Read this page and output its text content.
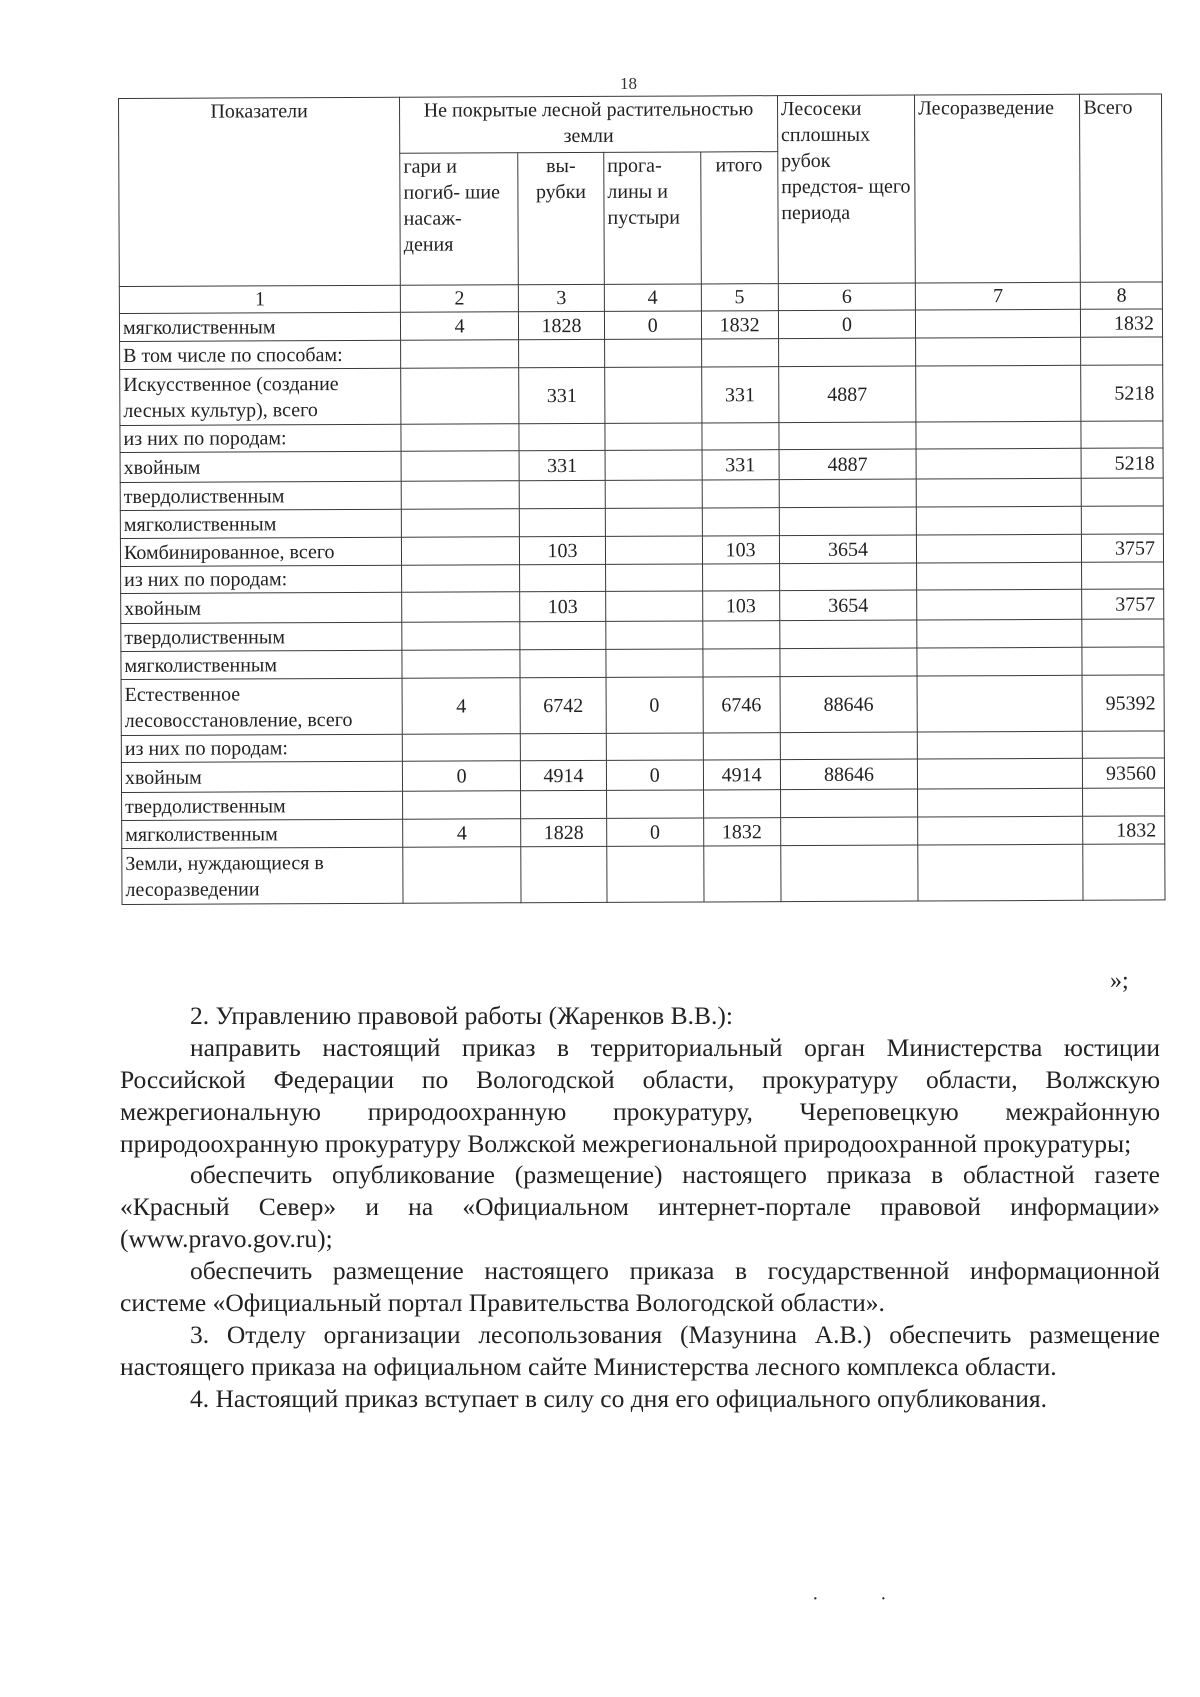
18
Показатели	Не покрытые лесной растительностью земли				Лесосеки сплошных рубок предстоя- щего периода	Лесоразведение	Всего
	гари и погиб- шие насаж- дения	вы- рубки	прога- лины и пустыри	итого			
1	2	3	4	5	6	7	8
мягколиственным	4	1828	0	1832	0		1832
В том числе по способам:							
Искусственное (создание лесных культур), всего		331		331	4887		5218
из них по породам:							
хвойным		331		331	4887		5218
твердолиственным							
мягколиственным							
Комбинированное, всего		103		103	3654		3757
из них по породам:							
хвойным		103		103	3654		3757
твердолиственным							
мягколиственным							
Естественное лесовосстановление, всего	4	6742	0	6746	88646		95392
из них по породам:							
хвойным	0	4914	0	4914	88646		93560
твердолиственным							
мягколиственным	4	1828	0	1832			1832
Земли, нуждающиеся в лесоразведении							
»;

2. Управлению правовой работы (Жаренков В.В.):

направить настоящий приказ в территориальный орган Министерства юстиции Российской Федерации по Вологодской области, прокуратуру области, Волжскую межрегиональную природоохранную прокуратуру, Череповецкую межрайонную природоохранную прокуратуру Волжской межрегиональной природоохранной прокуратуры;

обеспечить опубликование (размещение) настоящего приказа в областной газете «Красный Север» и на «Официальном интернет-портале правовой информации» (www.pravo.gov.ru);

обеспечить размещение настоящего приказа в государственной информационной системе «Официальный портал Правительства Вологодской области».

3. Отделу организации лесопользования (Мазунина А.В.) обеспечить размещение настоящего приказа на официальном сайте Министерства лесного комплекса области.

4. Настоящий приказ вступает в силу со дня его официального опубликования.

·	·
